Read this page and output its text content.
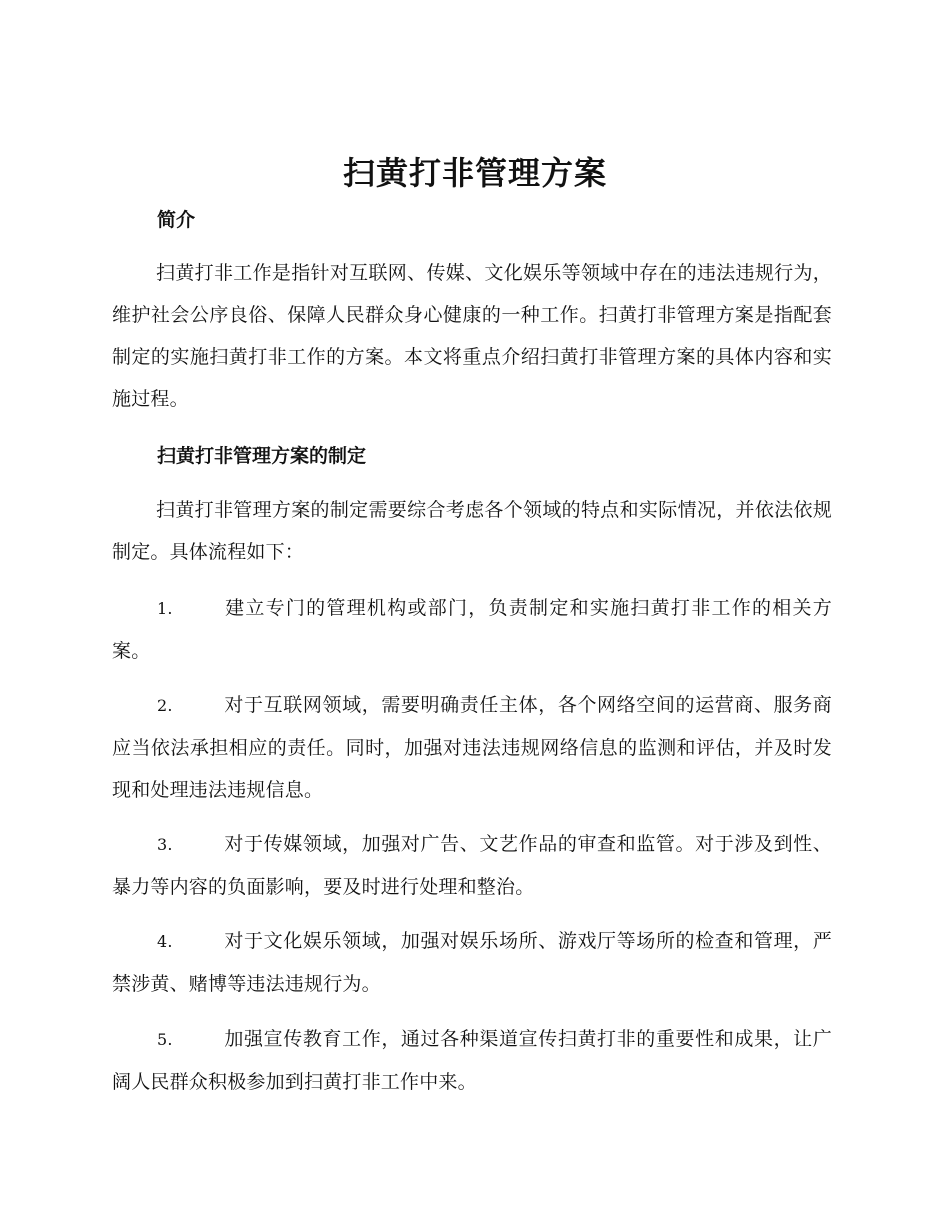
扫黄打非管理方案
简介

扫黄打非工作是指针对互联网、传媒、文化娱乐等领域中存在的违法违规行为，维护社会公序良俗、保障人民群众身心健康的一种工作。扫黄打非管理方案是指配套制定的实施扫黄打非工作的方案。本文将重点介绍扫黄打非管理方案的具体内容和实施过程。

扫黄打非管理方案的制定

扫黄打非管理方案的制定需要综合考虑各个领域的特点和实际情况，并依法依规制定。具体流程如下：

1.	建立专门的管理机构或部门，负责制定和实施扫黄打非工作的相关方案。
2.	对于互联网领域，需要明确责任主体，各个网络空间的运营商、服务商应当依法承担相应的责任。同时，加强对违法违规网络信息的监测和评估，并及时发现和处理违法违规信息。
3.	对于传媒领域，加强对广告、文艺作品的审查和监管。对于涉及到性、暴力等内容的负面影响，要及时进行处理和整治。
4.	对于文化娱乐领域，加强对娱乐场所、游戏厅等场所的检查和管理，严禁涉黄、赌博等违法违规行为。
5.	加强宣传教育工作，通过各种渠道宣传扫黄打非的重要性和成果，让广阔人民群众积极参加到扫黄打非工作中来。
